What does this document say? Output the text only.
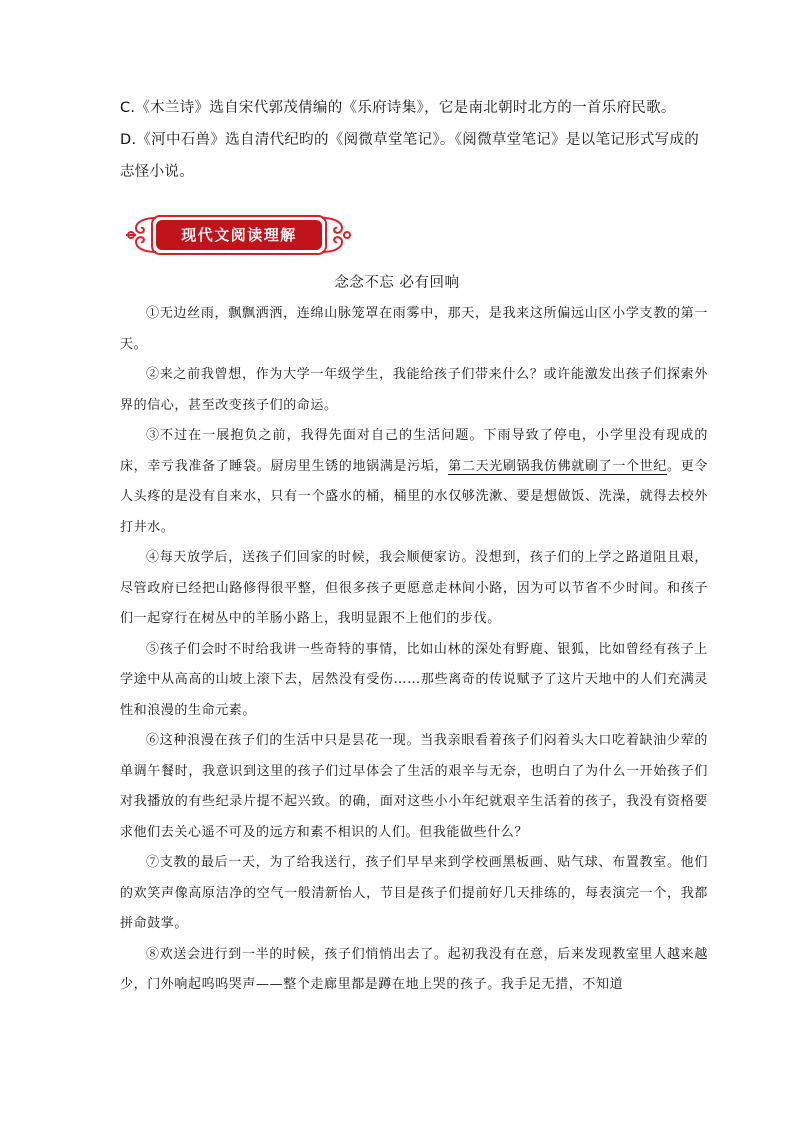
C.《木兰诗》选自宋代郭茂倩编的《乐府诗集》，它是南北朝时北方的一首乐府民歌。

D.《河中石兽》选自清代纪昀的《阅微草堂笔记》。《阅微草堂笔记》是以笔记形式写成的志怪小说。

现代文阅读理解
念念不忘 必有回响

①无边丝雨，飘飘洒洒，连绵山脉笼罩在雨雾中，那天，是我来这所偏远山区小学支教的第一天。

②来之前我曾想，作为大学一年级学生，我能给孩子们带来什么？或许能激发出孩子们探索外界的信心，甚至改变孩子们的命运。

③不过在一展抱负之前，我得先面对自己的生活问题。下雨导致了停电，小学里没有现成的床，幸亏我准备了睡袋。厨房里生锈的地锅满是污垢，第二天光刷锅我仿佛就刷了一个世纪。更令人头疼的是没有自来水，只有一个盛水的桶，桶里的水仅够洗漱、要是想做饭、洗澡，就得去校外打井水。

④每天放学后，送孩子们回家的时候，我会顺便家访。没想到，孩子们的上学之路道阻且艰，尽管政府已经把山路修得很平整，但很多孩子更愿意走林间小路，因为可以节省不少时间。和孩子们一起穿行在树丛中的羊肠小路上，我明显跟不上他们的步伐。

⑤孩子们会时不时给我讲一些奇特的事情，比如山林的深处有野鹿、银狐，比如曾经有孩子上学途中从高高的山坡上滚下去，居然没有受伤……那些离奇的传说赋予了这片天地中的人们充满灵性和浪漫的生命元素。

⑥这种浪漫在孩子们的生活中只是昙花一现。当我亲眼看着孩子们闷着头大口吃着缺油少荤的单调午餐时，我意识到这里的孩子们过早体会了生活的艰辛与无奈，也明白了为什么一开始孩子们对我播放的有些纪录片提不起兴致。的确，面对这些小小年纪就艰辛生活着的孩子，我没有资格要求他们去关心遥不可及的远方和素不相识的人们。但我能做些什么？

⑦支教的最后一天，为了给我送行，孩子们早早来到学校画黑板画、贴气球、布置教室。他们的欢笑声像高原洁净的空气一般清新怡人，节目是孩子们提前好几天排练的，每表演完一个，我都拼命鼓掌。

⑧欢送会进行到一半的时候，孩子们悄悄出去了。起初我没有在意，后来发现教室里人越来越少，门外响起呜呜哭声——整个走廊里都是蹲在地上哭的孩子。我手足无措，不知道
